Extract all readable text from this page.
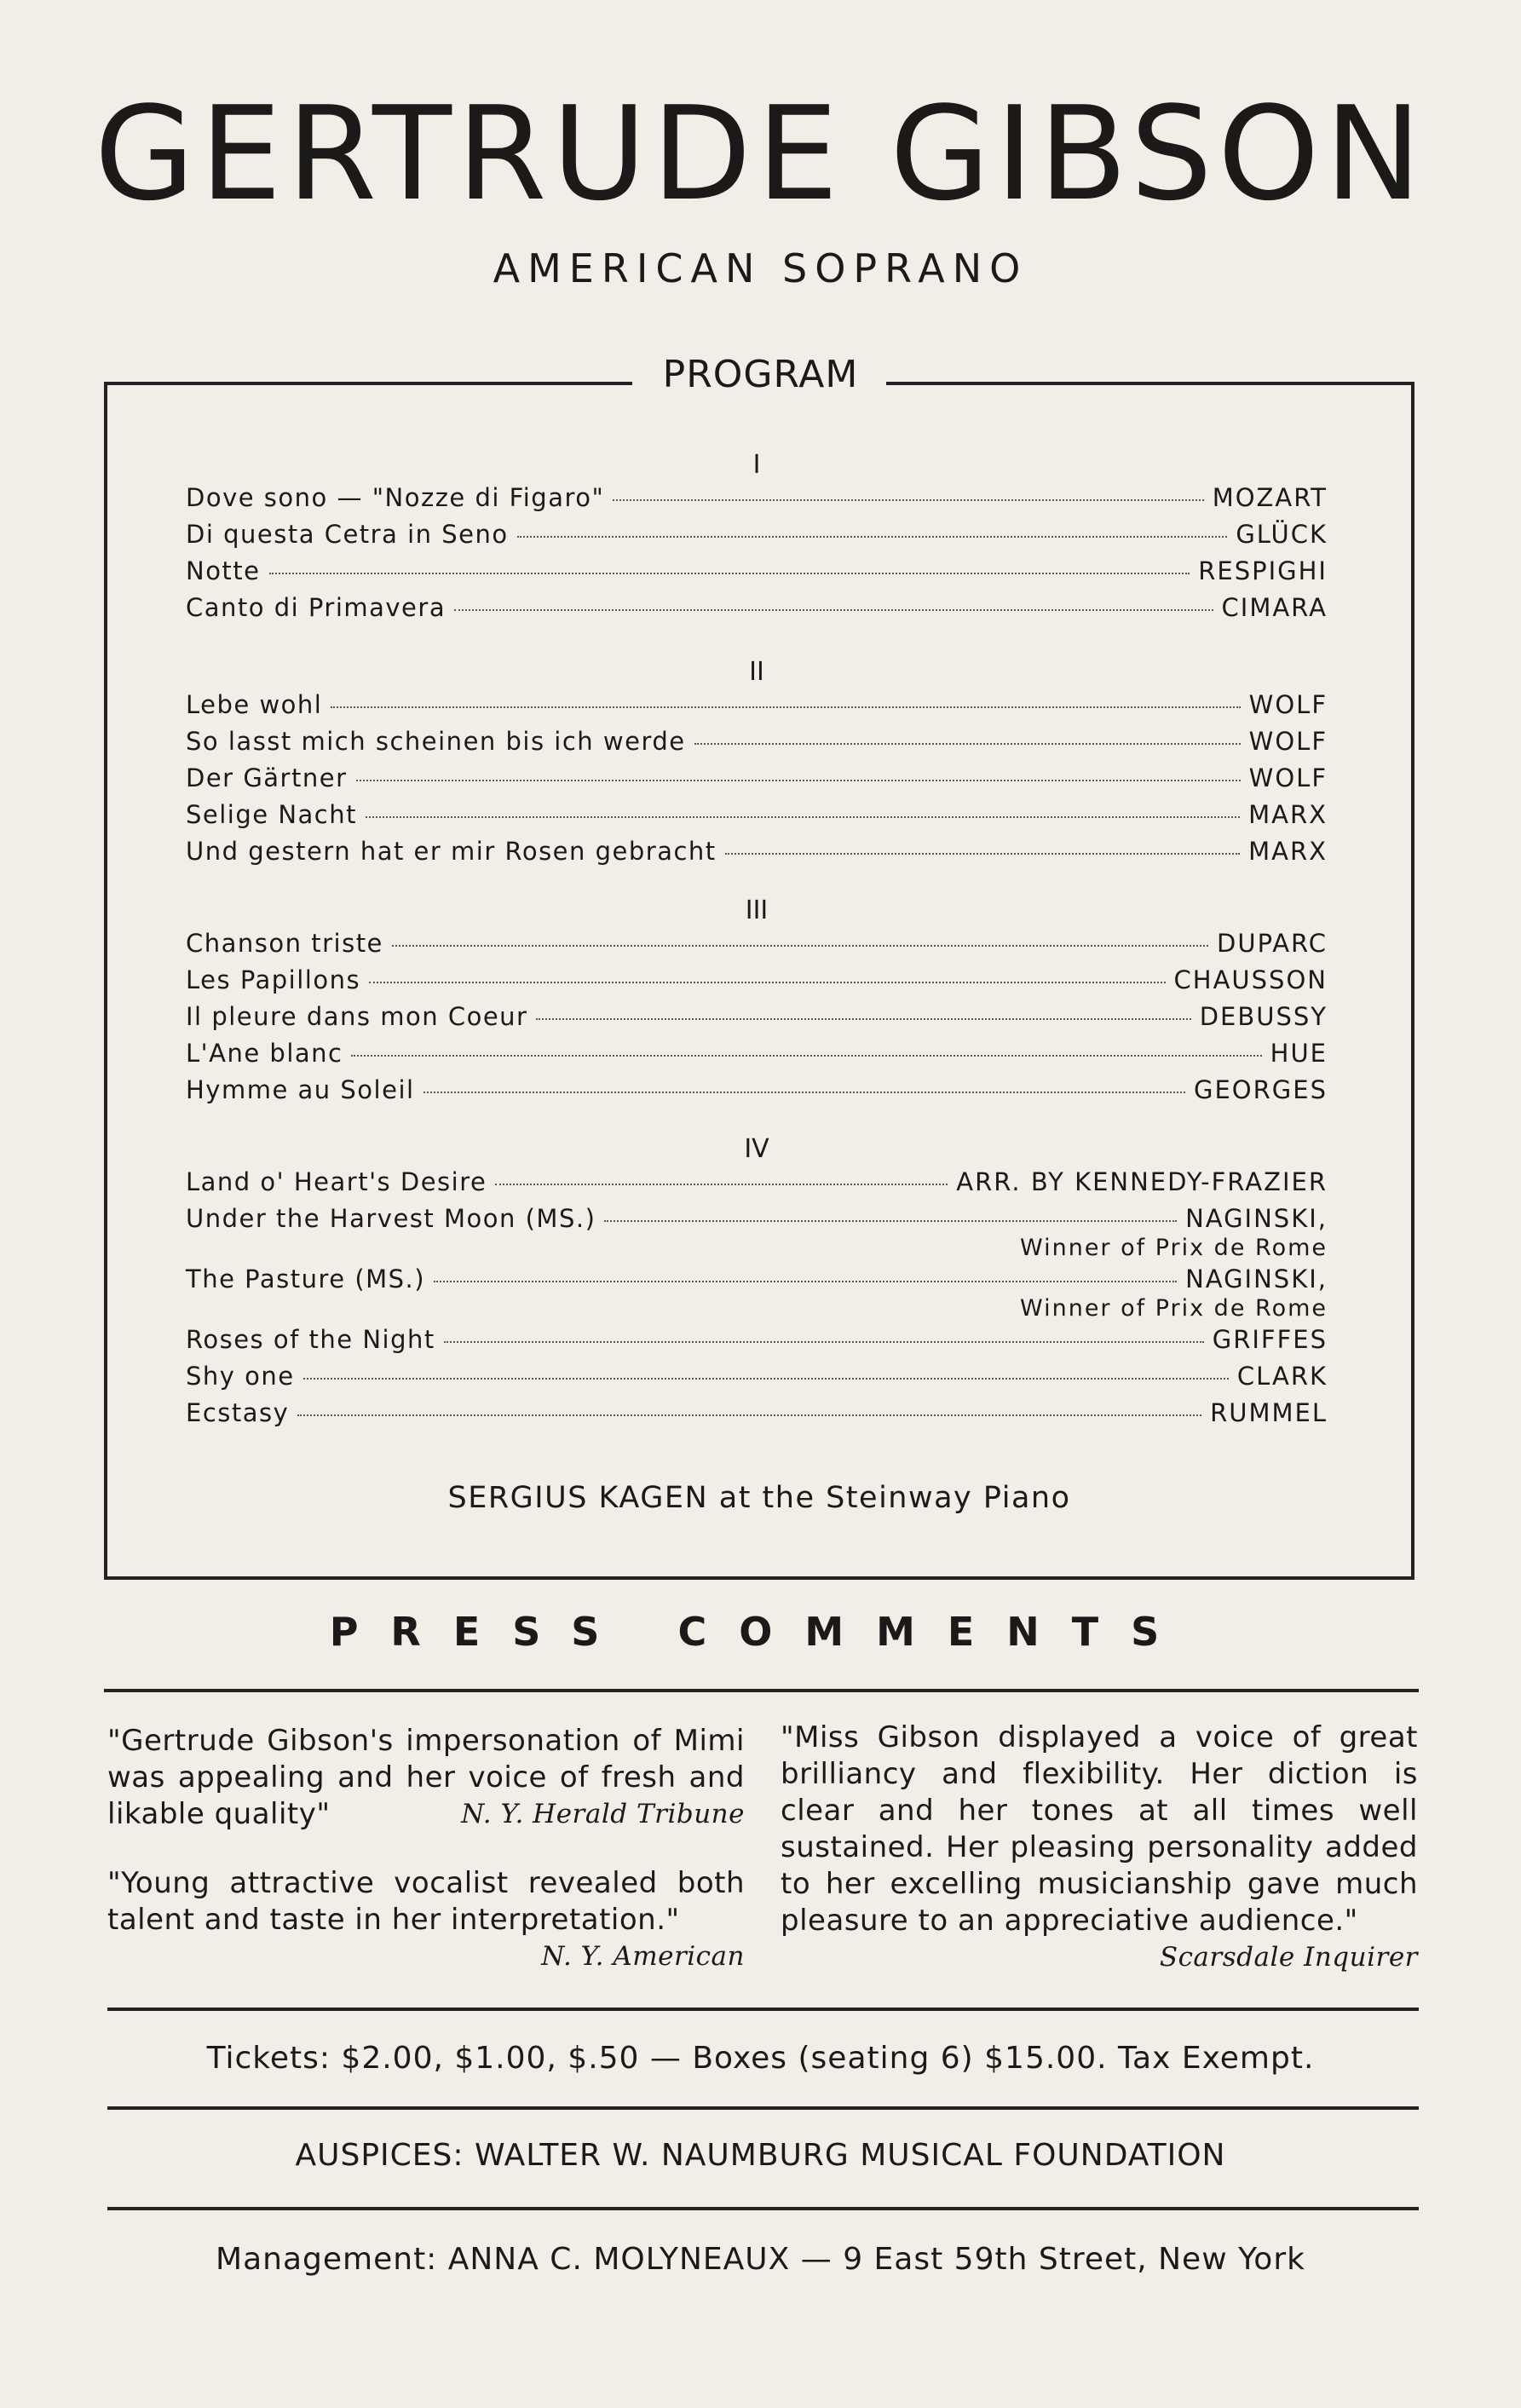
GERTRUDE GIBSON
AMERICAN SOPRANO
PROGRAM
I
Dove sono — "Nozze di Figaro"	MOZART
Di questa Cetra in Seno	GLÜCK
Notte	RESPIGHI
Canto di Primavera	CIMARA
II
Lebe wohl	WOLF
So lasst mich scheinen bis ich werde	WOLF
Der Gärtner	WOLF
Selige Nacht	MARX
Und gestern hat er mir Rosen gebracht	MARX
III
Chanson triste	DUPARC
Les Papillons	CHAUSSON
Il pleure dans mon Coeur	DEBUSSY
L'Ane blanc	HUE
Hymme au Soleil	GEORGES
IV
Land o' Heart's Desire	ARR. BY KENNEDY-FRAZIER
Under the Harvest Moon (MS.)	NAGINSKI,
Winner of Prix de Rome
The Pasture (MS.)	NAGINSKI,
Winner of Prix de Rome
Roses of the Night	GRIFFES
Shy one	CLARK
Ecstasy	RUMMEL
SERGIUS KAGEN at the Steinway Piano
PRESS COMMENTS

"Gertrude Gibson's impersonation of Mimi was appealing and her voice of fresh and likable quality"	N. Y. Herald Tribune

"Young attractive vocalist revealed both talent and taste in her interpretation."

N. Y. American

"Miss Gibson displayed a voice of great brilliancy and flexibility. Her diction is clear and her tones at all times well sustained. Her pleasing personality added to her excelling musicianship gave much pleasure to an appreciative audience."

Scarsdale Inquirer
Tickets: $2.00, $1.00, $.50 — Boxes (seating 6) $15.00. Tax Exempt.
AUSPICES: WALTER W. NAUMBURG MUSICAL FOUNDATION
Management: ANNA C. MOLYNEAUX — 9 East 59th Street, New York
